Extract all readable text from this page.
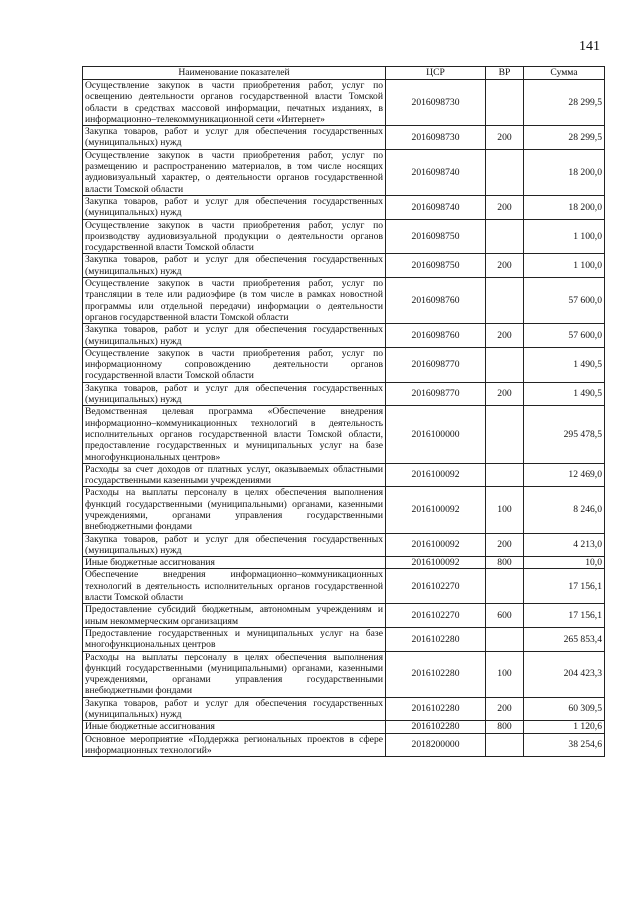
141
Наименование показателей	ЦСР	ВР	Сумма
Осуществление закупок в части приобретения работ, услуг по освещению деятельности органов государственной власти Томской области в средствах массовой информации, печатных изданиях, в информационно–телекоммуникационной сети «Интернет»	2016098730		28 299,5
Закупка товаров, работ и услуг для обеспечения государственных (муниципальных) нужд	2016098730	200	28 299,5
Осуществление закупок в части приобретения работ, услуг по размещению и распространению материалов, в том числе носящих аудиовизуальный характер, о деятельности органов государственной власти Томской области	2016098740		18 200,0
Закупка товаров, работ и услуг для обеспечения государственных (муниципальных) нужд	2016098740	200	18 200,0
Осуществление закупок в части приобретения работ, услуг по производству аудиовизуальной продукции о деятельности органов государственной власти Томской области	2016098750		1 100,0
Закупка товаров, работ и услуг для обеспечения государственных (муниципальных) нужд	2016098750	200	1 100,0
Осуществление закупок в части приобретения работ, услуг по трансляции в теле или радиоэфире (в том числе в рамках новостной программы или отдельной передачи) информации о деятельности органов государственной власти Томской области	2016098760		57 600,0
Закупка товаров, работ и услуг для обеспечения государственных (муниципальных) нужд	2016098760	200	57 600,0
Осуществление закупок в части приобретения работ, услуг по информационному сопровождению деятельности органов государственной власти Томской области	2016098770		1 490,5
Закупка товаров, работ и услуг для обеспечения государственных (муниципальных) нужд	2016098770	200	1 490,5
Ведомственная целевая программа «Обеспечение внедрения информационно–коммуникационных технологий в деятельность исполнительных органов государственной власти Томской области, предоставление государственных и муниципальных услуг на базе многофункциональных центров»	2016100000		295 478,5
Расходы за счет доходов от платных услуг, оказываемых областными государственными казенными учреждениями	2016100092		12 469,0
Расходы на выплаты персоналу в целях обеспечения выполнения функций государственными (муниципальными) органами, казенными учреждениями, органами управления государственными внебюджетными фондами	2016100092	100	8 246,0
Закупка товаров, работ и услуг для обеспечения государственных (муниципальных) нужд	2016100092	200	4 213,0
Иные бюджетные ассигнования	2016100092	800	10,0
Обеспечение внедрения информационно–коммуникационных технологий в деятельность исполнительных органов государственной власти Томской области	2016102270		17 156,1
Предоставление субсидий бюджетным, автономным учреждениям и иным некоммерческим организациям	2016102270	600	17 156,1
Предоставление государственных и муниципальных услуг на базе многофункциональных центров	2016102280		265 853,4
Расходы на выплаты персоналу в целях обеспечения выполнения функций государственными (муниципальными) органами, казенными учреждениями, органами управления государственными внебюджетными фондами	2016102280	100	204 423,3
Закупка товаров, работ и услуг для обеспечения государственных (муниципальных) нужд	2016102280	200	60 309,5
Иные бюджетные ассигнования	2016102280	800	1 120,6
Основное мероприятие «Поддержка региональных проектов в сфере информационных технологий»	2018200000		38 254,6
